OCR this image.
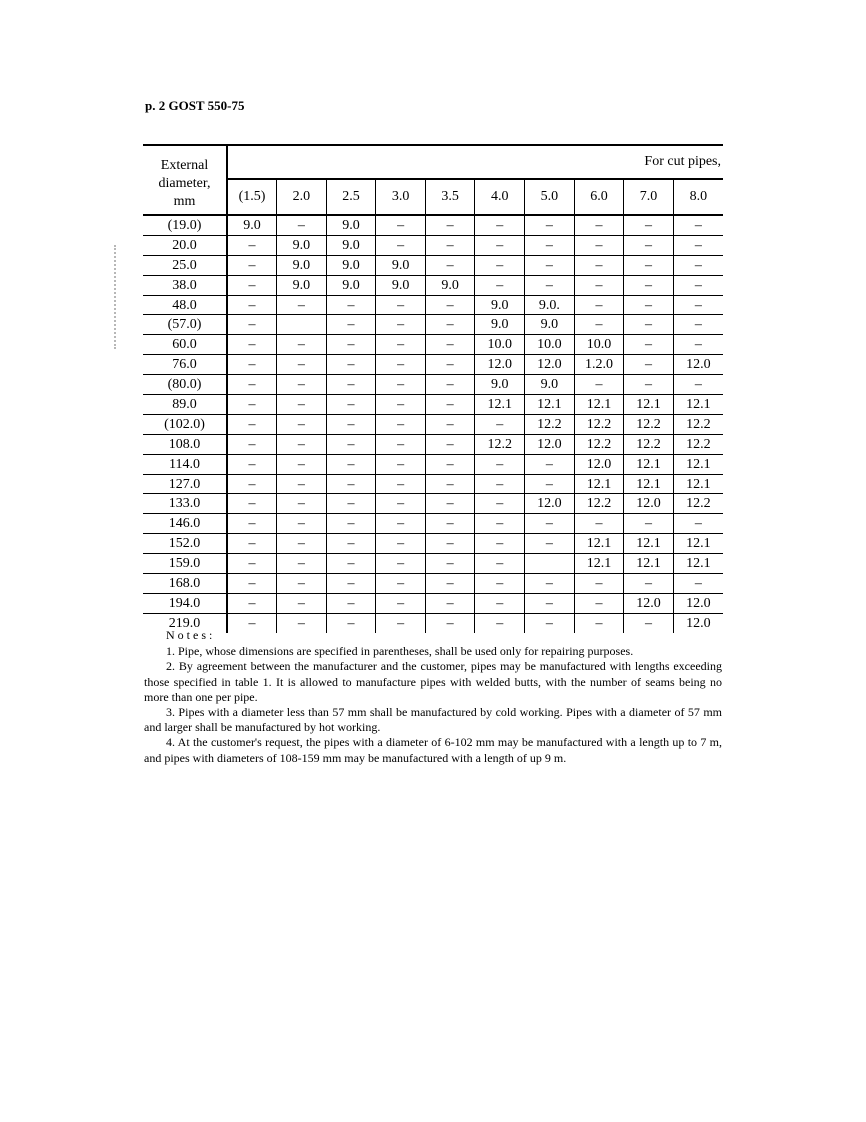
p. 2 GOST 550-75
External
diameter,
mm	For cut pipes,									
	(1.5)	2.0	2.5	3.0	3.5	4.0	5.0	6.0	7.0	8.0
(19.0)	9.0	–	9.0	–	–	–	–	–	–	–
20.0	–	9.0	9.0	–	–	–	–	–	–	–
25.0	–	9.0	9.0	9.0	–	–	–	–	–	–
38.0	–	9.0	9.0	9.0	9.0	–	–	–	–	–
48.0	–	–	–	–	–	9.0	9.0.	–	–	–
(57.0)	–		–	–	–	9.0	9.0	–	–	–
60.0	–	–	–	–	–	10.0	10.0	10.0	–	–
76.0	–	–	–	–	–	12.0	12.0	1.2.0	–	12.0
(80.0)	–	–	–	–	–	9.0	9.0	–	–	–
89.0	–	–	–	–	–	12.1	12.1	12.1	12.1	12.1
(102.0)	–	–	–	–	–	–	12.2	12.2	12.2	12.2
108.0	–	–	–	–	–	12.2	12.0	12.2	12.2	12.2
114.0	–	–	–	–	–	–	–	12.0	12.1	12.1
127.0	–	–	–	–	–	–	–	12.1	12.1	12.1
133.0	–	–	–	–	–	–	12.0	12.2	12.0	12.2
146.0	–	–	–	–	–	–	–	–	–	–
152.0	–	–	–	–	–	–	–	12.1	12.1	12.1
159.0	–	–	–	–	–	–		12.1	12.1	12.1
168.0	–	–	–	–	–	–	–	–	–	–
194.0	–	–	–	–	–	–	–	–	12.0	12.0
219.0	–	–	–	–	–	–	–	–	–	12.0

Notes:

1. Pipe, whose dimensions are specified in parentheses, shall be used only for repairing purposes.

2. By agreement between the manufacturer and the customer, pipes may be manufactured with lengths exceeding those specified in table 1. It is allowed to manufacture pipes with welded butts, with the number of seams being no more than one per pipe.

3. Pipes with a diameter less than 57 mm shall be manufactured by cold working. Pipes with a diameter of 57 mm and larger shall be manufactured by hot working.

4. At the customer's request, the pipes with a diameter of 6-102 mm may be manufactured with a length up to 7 m, and pipes with diameters of 108-159 mm may be manufactured with a length of up 9 m.
